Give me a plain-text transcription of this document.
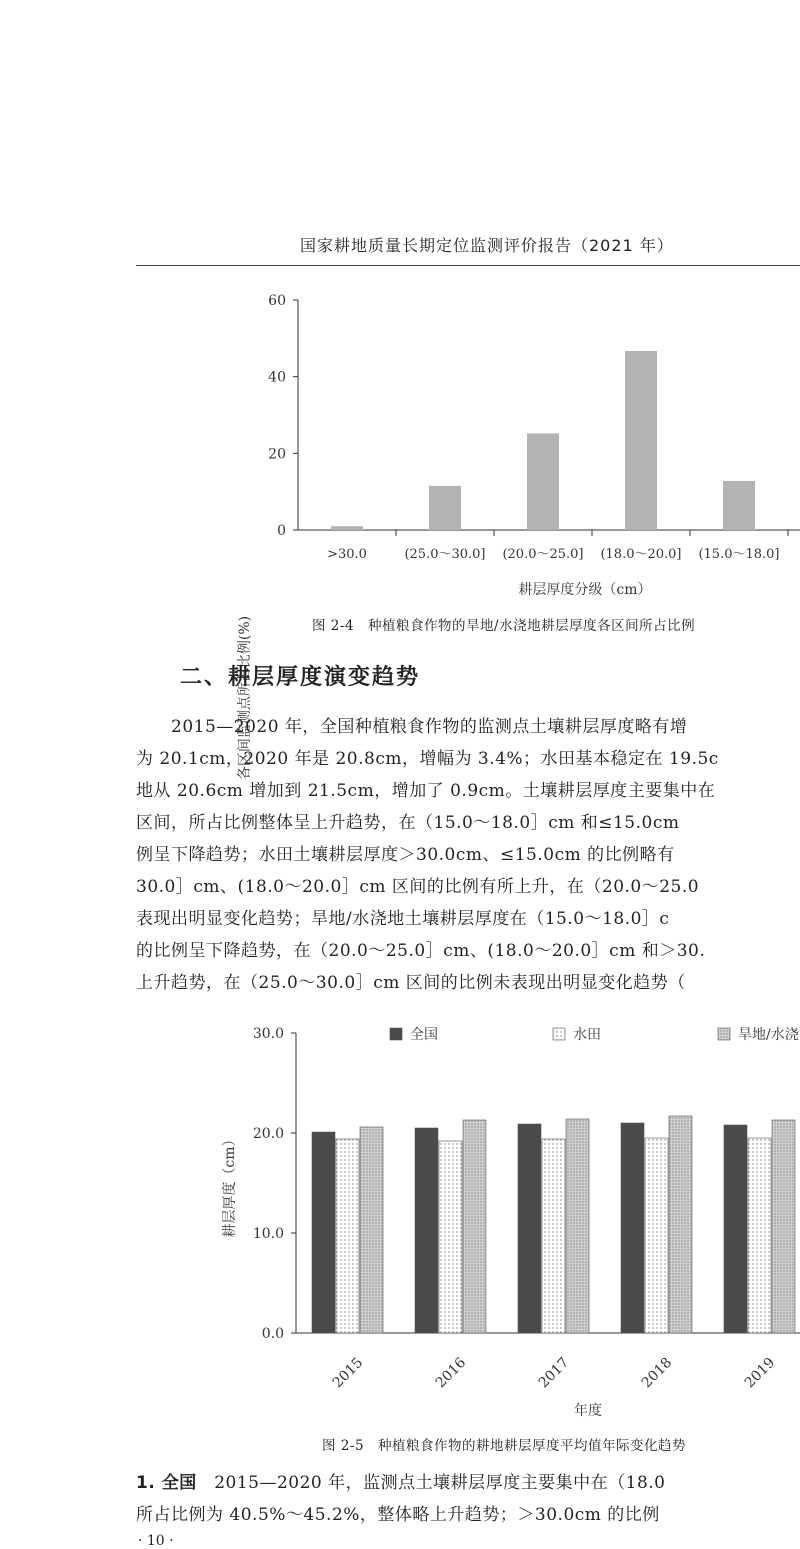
国家耕地质量长期定位监测评价报告（2021 年）
0
20
40
60
>30.0	(25.0～30.0] (20.0～25.0] (18.0～20.0] (15.0～18.0]
耕层厚度分级（cm）
各区间监测点所占比例(%)	图 2-4　种植粮食作物的旱地/水浇地耕层厚度各区间所占比例
二、耕层厚度演变趋势
　　2015—2020 年，全国种植粮食作物的监测点土壤耕层厚度略有增
为 20.1cm，2020 年是 20.8cm，增幅为 3.4%；水田基本稳定在 19.5c
地从 20.6cm 增加到 21.5cm，增加了 0.9cm。土壤耕层厚度主要集中在
区间，所占比例整体呈上升趋势，在（15.0～18.0］cm 和≤15.0cm
例呈下降趋势；水田土壤耕层厚度＞30.0cm、≤15.0cm 的比例略有
30.0］cm、(18.0～20.0］cm 区间的比例有所上升，在（20.0～25.0
表现出明显变化趋势；旱地/水浇地土壤耕层厚度在（15.0～18.0］c
的比例呈下降趋势，在（20.0～25.0］cm、(18.0～20.0］cm 和＞30.
上升趋势，在（25.0～30.0］cm 区间的比例未表现出明显变化趋势（
0.0
10.0
20.0
30.0
2015	2016	2017	2018	2019
全国	水田	旱地/水浇
年度
耕层厚度（cm）
图 2-5　种植粮食作物的耕地耕层厚度平均值年际变化趋势
1. 全国　2015—2020 年，监测点土壤耕层厚度主要集中在（18.0
所占比例为 40.5%～45.2%，整体略上升趋势；＞30.0cm 的比例
· 10 ·
